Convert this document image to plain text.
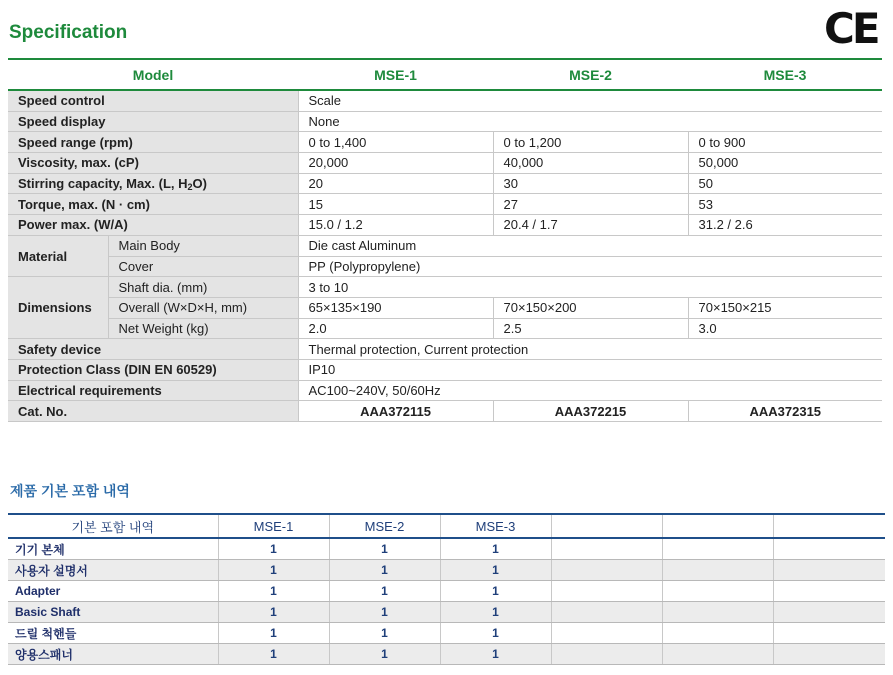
Specification	CE
Model		MSE-1	MSE-2	MSE-3
Speed control		Scale		
Speed display		None		
Speed range (rpm)		0 to 1,400	0 to 1,200	0 to 900
Viscosity, max. (cP)		20,000	40,000	50,000
Stirring capacity, Max. (L, H2O)		20	30	50
Torque, max. (N · cm)		15	27	53
Power max. (W/A)		15.0 / 1.2	20.4 / 1.7	31.2 / 2.6
Material	Main Body	Die cast Aluminum		
	Cover	PP (Polypropylene)		
Dimensions	Shaft dia. (mm)	3 to 10		
	Overall (W×D×H, mm)	65×135×190	70×150×200	70×150×215
	Net Weight (kg)	2.0	2.5	3.0
Safety device		Thermal protection, Current protection		
Protection Class (DIN EN 60529)		IP10		
Electrical requirements		AC100~240V, 50/60Hz		
Cat. No.		AAA372115	AAA372215	AAA372315
제품 기본 포함 내역
기본 포함 내역	MSE-1	MSE-2	MSE-3			
기기 본체	1	1	1			
사용자 설명서	1	1	1			
Adapter	1	1	1			
Basic Shaft	1	1	1			
드릴 척핸들	1	1	1			
양용스패너	1	1	1			
